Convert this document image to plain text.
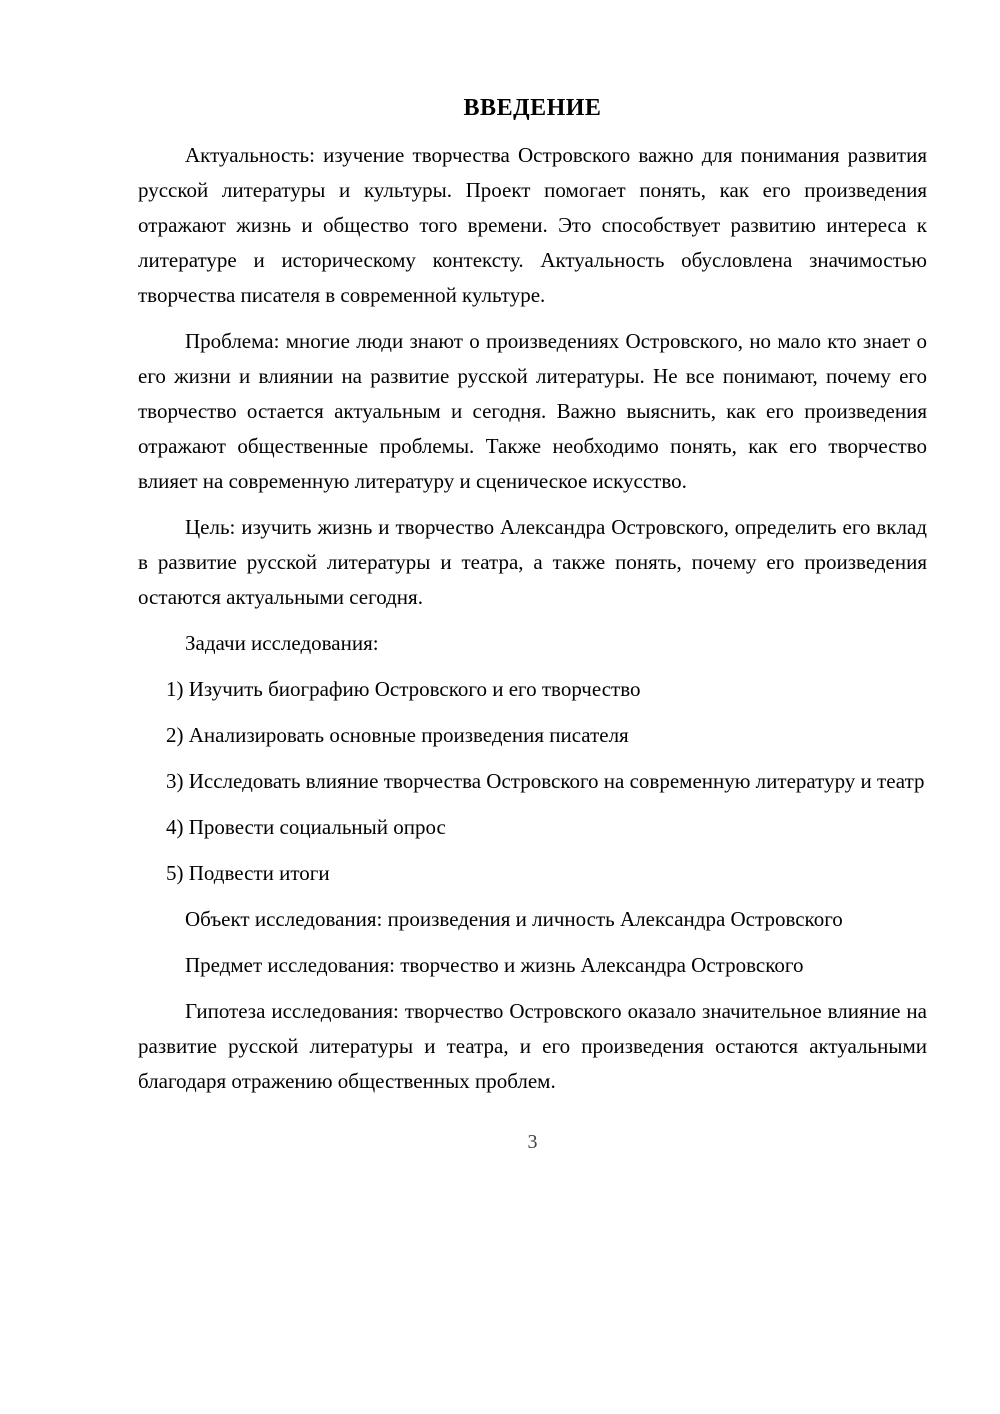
ВВЕДЕНИЕ

Актуальность: изучение творчества Островского важно для понимания развития русской литературы и культуры. Проект помогает понять, как его произведения отражают жизнь и общество того времени. Это способствует развитию интереса к литературе и историческому контексту. Актуальность обусловлена значимостью творчества писателя в современной культуре.

Проблема: многие люди знают о произведениях Островского, но мало кто знает о его жизни и влиянии на развитие русской литературы. Не все понимают, почему его творчество остается актуальным и сегодня. Важно выяснить, как его произведения отражают общественные проблемы. Также необходимо понять, как его творчество влияет на современную литературу и сценическое искусство.

Цель: изучить жизнь и творчество Александра Островского, определить его вклад в развитие русской литературы и театра, а также понять, почему его произведения остаются актуальными сегодня.

Задачи исследования:

1) Изучить биографию Островского и его творчество

2) Анализировать основные произведения писателя

3) Исследовать влияние творчества Островского на современную литературу и театр

4) Провести социальный опрос

5) Подвести итоги

Объект исследования: произведения и личность Александра Островского

Предмет исследования: творчество и жизнь Александра Островского

Гипотеза исследования: творчество Островского оказало значительное влияние на развитие русской литературы и театра, и его произведения остаются актуальными благодаря отражению общественных проблем.

3
